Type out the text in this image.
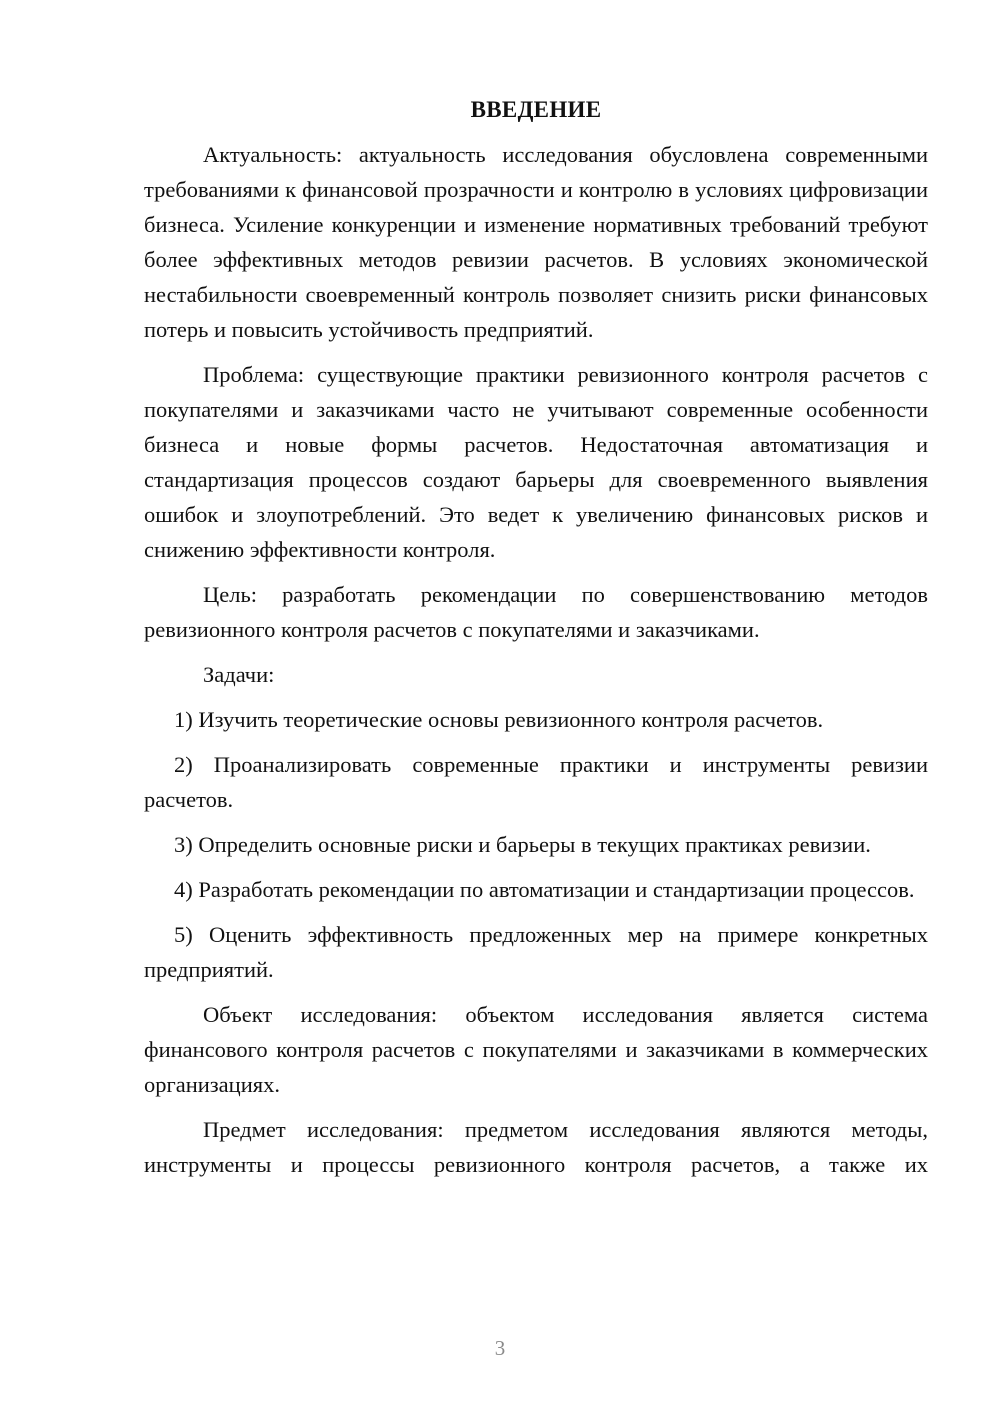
ВВЕДЕНИЕ

Актуальность: актуальность исследования обусловлена современными требованиями к финансовой прозрачности и контролю в условиях цифровизации бизнеса. Усиление конкуренции и изменение нормативных требований требуют более эффективных методов ревизии расчетов. В условиях экономической нестабильности своевременный контроль позволяет снизить риски финансовых потерь и повысить устойчивость предприятий.

Проблема: существующие практики ревизионного контроля расчетов с покупателями и заказчиками часто не учитывают современные особенности бизнеса и новые формы расчетов. Недостаточная автоматизация и стандартизация процессов создают барьеры для своевременного выявления ошибок и злоупотреблений. Это ведет к увеличению финансовых рисков и снижению эффективности контроля.

Цель: разработать рекомендации по совершенствованию методов ревизионного контроля расчетов с покупателями и заказчиками.

Задачи:

1) Изучить теоретические основы ревизионного контроля расчетов.

2) Проанализировать современные практики и инструменты ревизии расчетов.

3) Определить основные риски и барьеры в текущих практиках ревизии.

4) Разработать рекомендации по автоматизации и стандартизации процессов.

5) Оценить эффективность предложенных мер на примере конкретных предприятий.

Объект исследования: объектом исследования является система финансового контроля расчетов с покупателями и заказчиками в коммерческих организациях.

Предмет исследования: предметом исследования являются методы, инструменты и процессы ревизионного контроля расчетов, а также их

3
